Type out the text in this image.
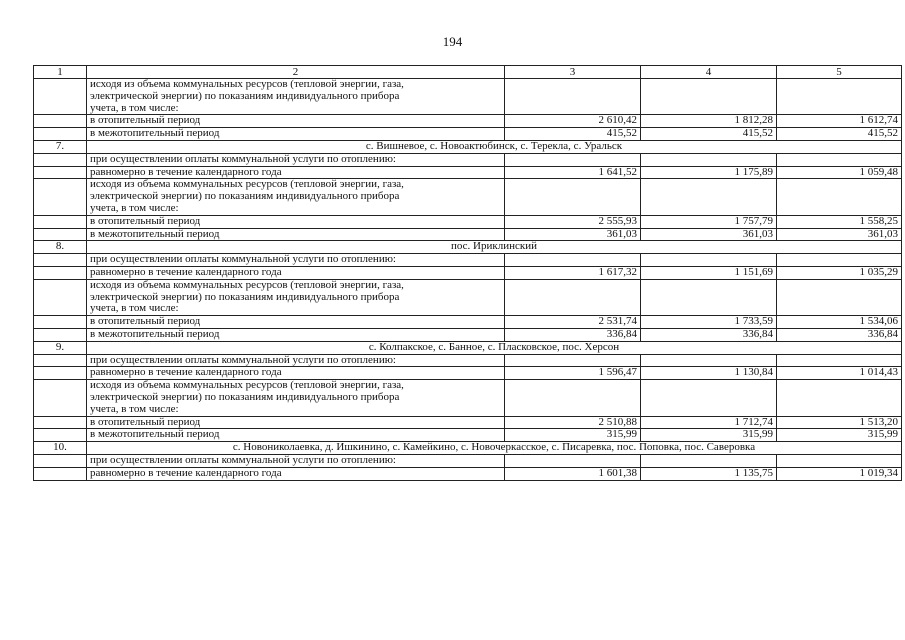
194
1	2	3	4	5

	исходя из объема коммунальных ресурсов (тепловой энергии, газа,
электрической энергии) по показаниям индивидуального прибора
учета, в том числе:			

	в отопительный период	2 610,42	1 812,28	1 612,74
	в межотопительный период	415,52	415,52	415,52
7.	с. Вишневое, с. Новоактюбинск, с. Терекла, с. Уральск			
	при осуществлении оплаты коммунальной услуги по отоплению:			
	равномерно в течение календарного года	1 641,52	1 175,89	1 059,48

	исходя из объема коммунальных ресурсов (тепловой энергии, газа,
электрической энергии) по показаниям индивидуального прибора
учета, в том числе:			

	в отопительный период	2 555,93	1 757,79	1 558,25
	в межотопительный период	361,03	361,03	361,03
8.	пос. Ириклинский			
	при осуществлении оплаты коммунальной услуги по отоплению:			
	равномерно в течение календарного года	1 617,32	1 151,69	1 035,29

	исходя из объема коммунальных ресурсов (тепловой энергии, газа,
электрической энергии) по показаниям индивидуального прибора
учета, в том числе:			

	в отопительный период	2 531,74	1 733,59	1 534,06
	в межотопительный период	336,84	336,84	336,84
9.	с. Колпакское, с. Банное, с. Пласковское, пос. Херсон			
	при осуществлении оплаты коммунальной услуги по отоплению:			
	равномерно в течение календарного года	1 596,47	1 130,84	1 014,43

	исходя из объема коммунальных ресурсов (тепловой энергии, газа,
электрической энергии) по показаниям индивидуального прибора
учета, в том числе:			

	в отопительный период	2 510,88	1 712,74	1 513,20
	в межотопительный период	315,99	315,99	315,99
10.	с. Новониколаевка, д. Ишкинино, с. Камейкино, с. Новочеркасское, с. Писаревка, пос. Поповка, пос. Саверовка			
	при осуществлении оплаты коммунальной услуги по отоплению:			
	равномерно в течение календарного года	1 601,38	1 135,75	1 019,34
